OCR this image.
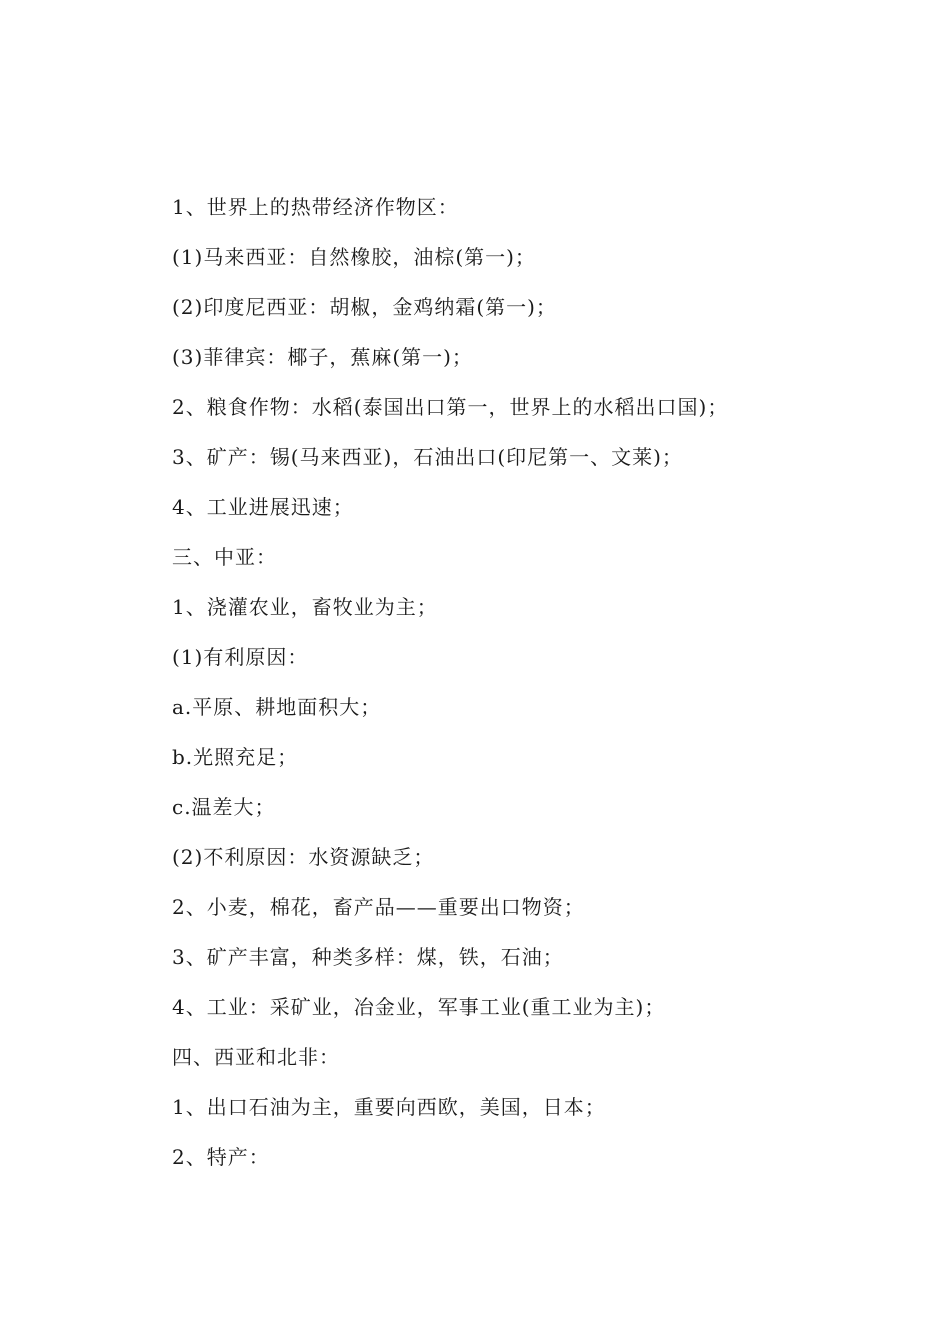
1、世界上的热带经济作物区：
(1)马来西亚：自然橡胶，油棕(第一)；
(2)印度尼西亚：胡椒，金鸡纳霜(第一)；
(3)菲律宾：椰子，蕉麻(第一)；
2、粮食作物：水稻(泰国出口第一，世界上的水稻出口国)；
3、矿产：锡(马来西亚)，石油出口(印尼第一、文莱)；
4、工业进展迅速；
三、中亚：
1、浇灌农业，畜牧业为主；
(1)有利原因：
a.平原、耕地面积大；
b.光照充足；
c.温差大；
(2)不利原因：水资源缺乏；
2、小麦，棉花，畜产品——重要出口物资；
3、矿产丰富，种类多样：煤，铁，石油；
4、工业：采矿业，冶金业，军事工业(重工业为主)；
四、西亚和北非：
1、出口石油为主，重要向西欧，美国，日本；
2、特产：
